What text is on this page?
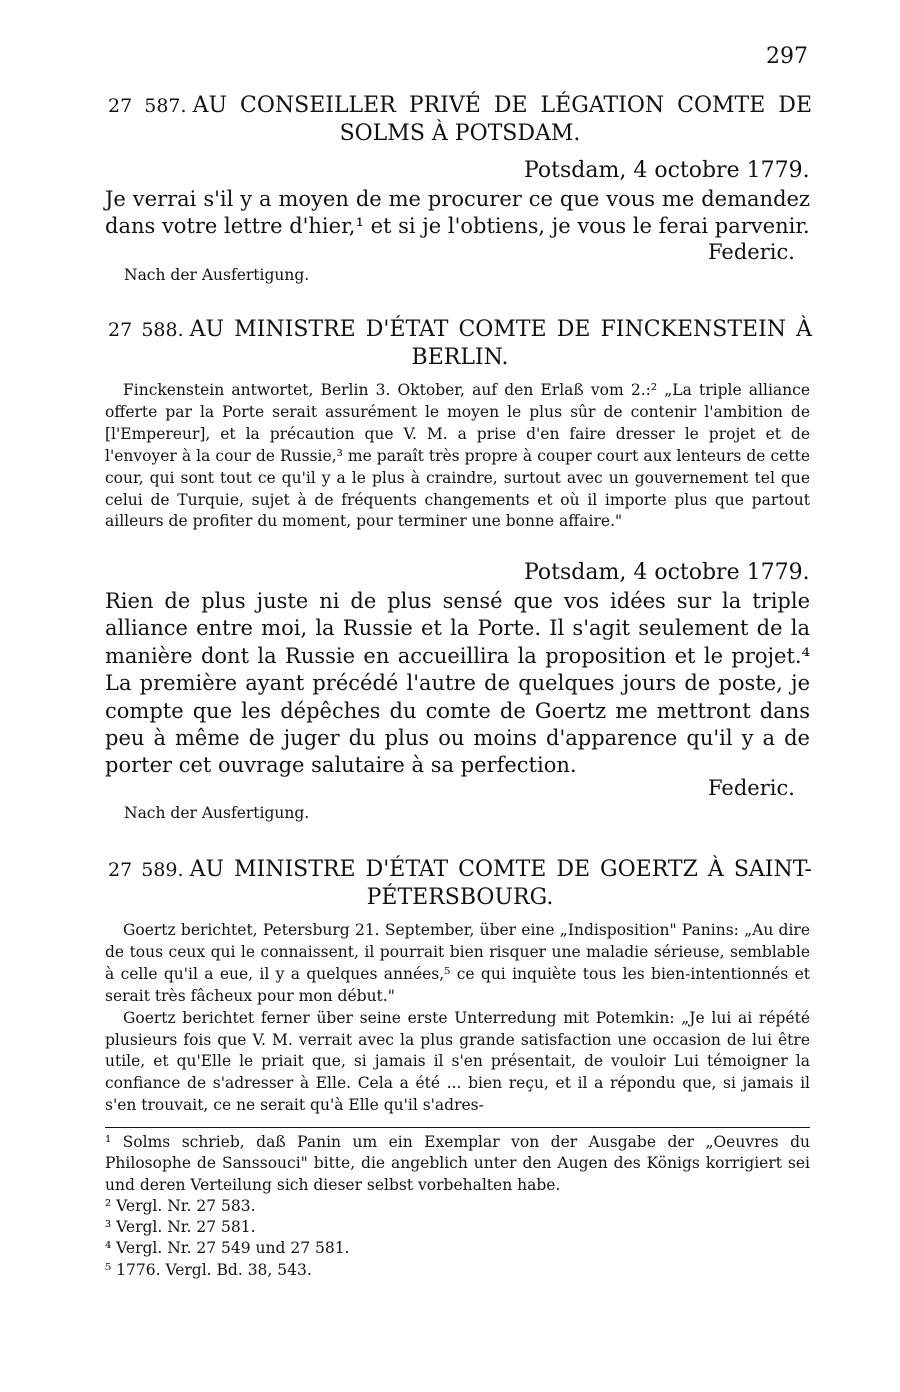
297
27 587. AU CONSEILLER PRIVÉ DE LÉGATION COMTE DE SOLMS À POTSDAM.
Potsdam, 4 octobre 1779.
Je verrai s'il y a moyen de me procurer ce que vous me demandez dans votre lettre d'hier,¹ et si je l'obtiens, je vous le ferai parvenir.
Federic.
Nach der Ausfertigung.
27 588. AU MINISTRE D'ÉTAT COMTE DE FINCKENSTEIN À BERLIN.

Finckenstein antwortet, Berlin 3. Oktober, auf den Erlaß vom 2.:² „La triple alliance offerte par la Porte serait assurément le moyen le plus sûr de contenir l'ambition de [l'Empereur], et la précaution que V. M. a prise d'en faire dresser le projet et de l'envoyer à la cour de Russie,³ me paraît très propre à couper court aux lenteurs de cette cour, qui sont tout ce qu'il y a le plus à craindre, surtout avec un gouvernement tel que celui de Turquie, sujet à de fréquents changements et où il importe plus que partout ailleurs de profiter du moment, pour terminer une bonne affaire."

Potsdam, 4 octobre 1779.
Rien de plus juste ni de plus sensé que vos idées sur la triple alliance entre moi, la Russie et la Porte. Il s'agit seulement de la manière dont la Russie en accueillira la proposition et le projet.⁴ La première ayant précédé l'autre de quelques jours de poste, je compte que les dépêches du comte de Goertz me mettront dans peu à même de juger du plus ou moins d'apparence qu'il y a de porter cet ouvrage salutaire à sa perfection.
Federic.
Nach der Ausfertigung.
27 589. AU MINISTRE D'ÉTAT COMTE DE GOERTZ À SAINT-PÉTERSBOURG.

Goertz berichtet, Petersburg 21. September, über eine „Indisposition" Panins: „Au dire de tous ceux qui le connaissent, il pourrait bien risquer une maladie sérieuse, semblable à celle qu'il a eue, il y a quelques années,⁵ ce qui inquiète tous les bien-intentionnés et serait très fâcheux pour mon début."

Goertz berichtet ferner über seine erste Unterredung mit Potemkin: „Je lui ai répété plusieurs fois que V. M. verrait avec la plus grande satisfaction une occasion de lui être utile, et qu'Elle le priait que, si jamais il s'en présentait, de vouloir Lui témoigner la confiance de s'adresser à Elle. Cela a été ... bien reçu, et il a répondu que, si jamais il s'en trouvait, ce ne serait qu'à Elle qu'il s'adres-

¹ Solms schrieb, daß Panin um ein Exemplar von der Ausgabe der „Oeuvres du Philosophe de Sanssouci" bitte, die angeblich unter den Augen des Königs korrigiert sei und deren Verteilung sich dieser selbst vorbehalten habe.

² Vergl. Nr. 27 583.

³ Vergl. Nr. 27 581.

⁴ Vergl. Nr. 27 549 und 27 581.

⁵ 1776. Vergl. Bd. 38, 543.
